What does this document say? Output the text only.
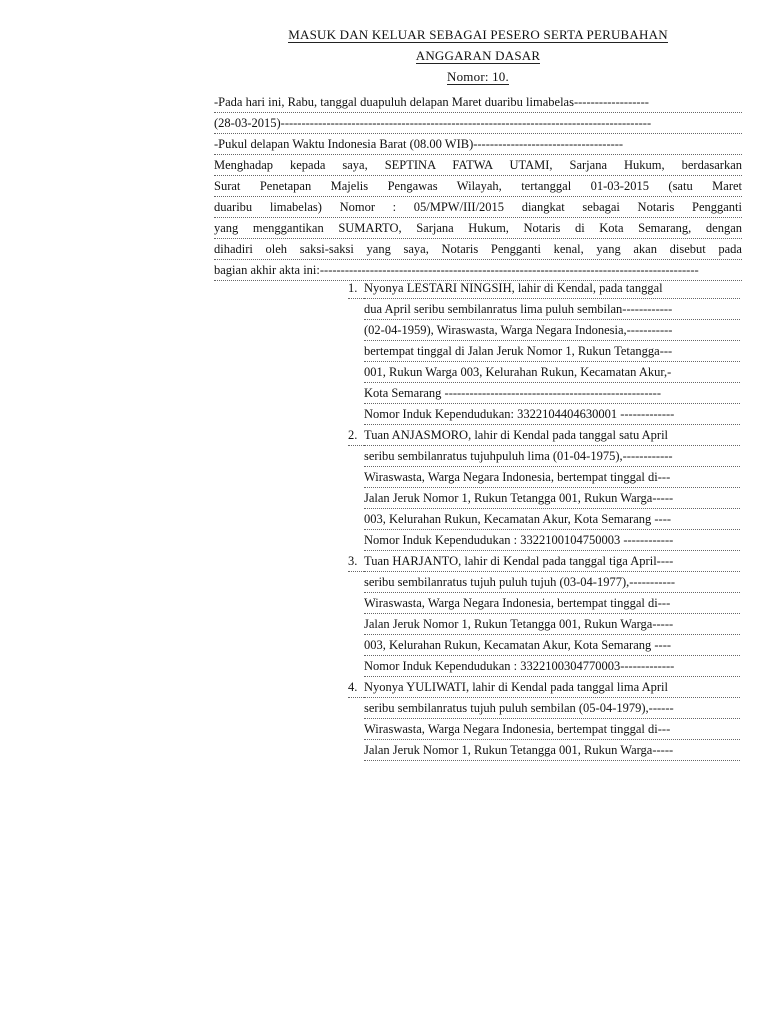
MASUK DAN KELUAR SEBAGAI PESERO SERTA PERUBAHAN
ANGGARAN DASAR
Nomor: 10.
-Pada hari ini, Rabu, tanggal duapuluh delapan Maret duaribu limabelas------------------
(28-03-2015)-----------------------------------------------------------------------------------------
-Pukul delapan Waktu Indonesia Barat (08.00 WIB)------------------------------------
Menghadap kepada saya, SEPTINA FATWA UTAMI, Sarjana Hukum, berdasarkan
Surat Penetapan Majelis Pengawas Wilayah, tertanggal 01-03-2015 (satu Maret
duaribu limabelas) Nomor : 05/MPW/III/2015 diangkat sebagai Notaris Pengganti
yang menggantikan SUMARTO, Sarjana Hukum, Notaris di Kota Semarang, dengan
dihadiri oleh saksi-saksi yang saya, Notaris Pengganti kenal, yang akan disebut pada
bagian akhir akta ini:-------------------------------------------------------------------------------------------
1. Nyonya LESTARI NINGSIH, lahir di Kendal, pada tanggal
dua April seribu sembilanratus lima puluh sembilan------------
(02-04-1959), Wiraswasta, Warga Negara Indonesia,-----------
bertempat tinggal di Jalan Jeruk Nomor 1, Rukun Tetangga---
001, Rukun Warga 003, Kelurahan Rukun, Kecamatan Akur,-
Kota Semarang ----------------------------------------------------
Nomor Induk Kependudukan: 3322104404630001 -------------
2. Tuan ANJASMORO, lahir di Kendal pada tanggal satu April
seribu sembilanratus tujuhpuluh lima (01-04-1975),------------
Wiraswasta, Warga Negara Indonesia, bertempat tinggal di---
Jalan Jeruk Nomor 1, Rukun Tetangga 001, Rukun Warga-----
003, Kelurahan Rukun, Kecamatan Akur, Kota Semarang ----
Nomor Induk Kependudukan : 3322100104750003 ------------
3. Tuan HARJANTO, lahir di Kendal pada tanggal tiga April----
seribu sembilanratus tujuh puluh tujuh (03-04-1977),-----------
Wiraswasta, Warga Negara Indonesia, bertempat tinggal di---
Jalan Jeruk Nomor 1, Rukun Tetangga 001, Rukun Warga-----
003, Kelurahan Rukun, Kecamatan Akur, Kota Semarang ----
Nomor Induk Kependudukan : 3322100304770003-------------
4. Nyonya YULIWATI, lahir di Kendal pada tanggal lima April
seribu sembilanratus tujuh puluh sembilan (05-04-1979),------
Wiraswasta, Warga Negara Indonesia, bertempat tinggal di---
Jalan Jeruk Nomor 1, Rukun Tetangga 001, Rukun Warga-----
